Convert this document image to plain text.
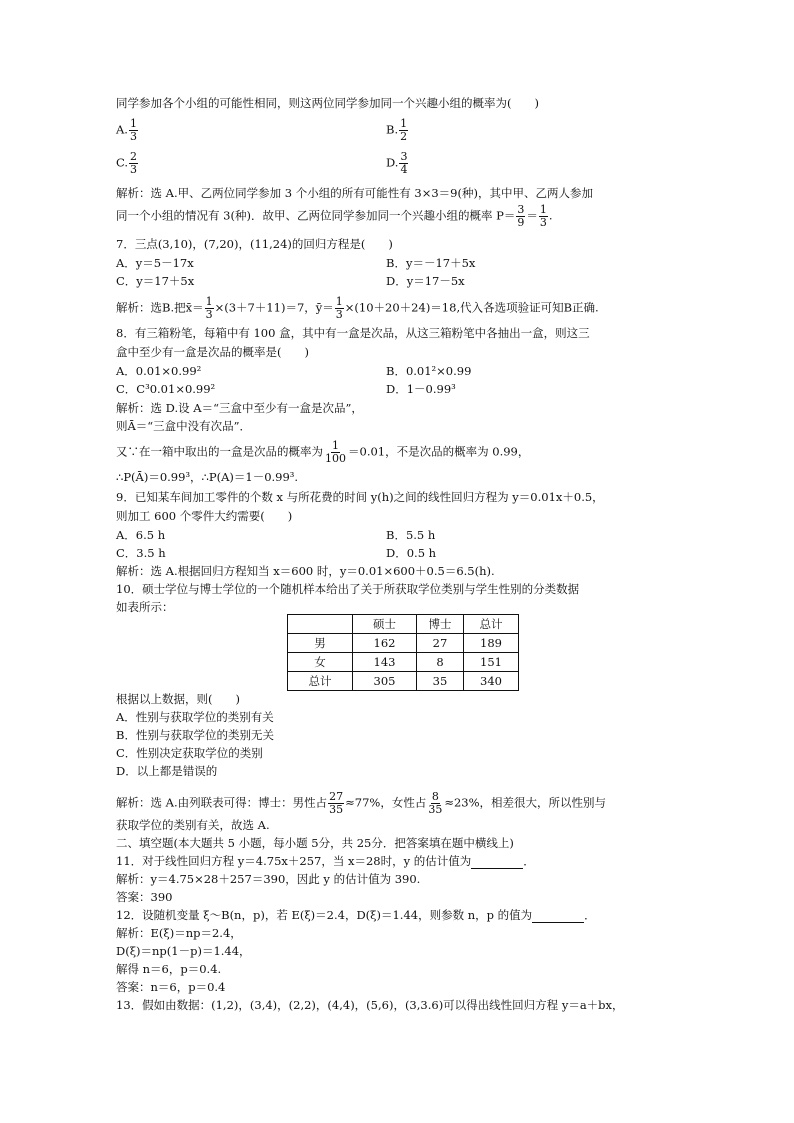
同学参加各个小组的可能性相同，则这两位同学参加同一个兴趣小组的概率为(　　)
A. $\frac{1}{3}$	B. $\frac{1}{2}$
C. $\frac{2}{3}$	D. $\frac{3}{4}$
解析：选 A.甲、乙两位同学参加 3 个小组的所有可能性有 3×3＝9(种)，其中甲、乙两人参加
同一个小组的情况有 3(种)．故甲、乙两位同学参加同一个兴趣小组的概率 $P= \frac{3}{9} = \frac{1}{3}$ .
7．三点(3,10)，(7,20)，(11,24)的回归方程是(　　)
A．y＝5－17x	B．y＝－17＋5x
C．y＝17＋5x	D．y＝17－5x
解析：选B.把x̄＝ $\frac{1}{3} \times(3+7+11)=7$，ȳ＝ $\frac{1}{3} \times(10+20+24)=18$,代入各选项验证可知B正确.
8．有三箱粉笔，每箱中有 100 盒，其中有一盒是次品，从这三箱粉笔中各抽出一盒，则这三
盒中至少有一盒是次品的概率是(　　)
A．0.01×0.99²	B．0.01²×0.99
C．C³0.01×0.99²	D．1－0.99³
解析：选 D.设 A＝“三盒中至少有一盒是次品”，
则Ā＝“三盒中没有次品”．
又∵在一箱中取出的一盒是次品的概率为 $\frac{1}{100} =0.01$，不是次品的概率为 0.99，
∴P(Ā)＝0.99³，∴P(A)＝1－0.99³.
9．已知某车间加工零件的个数 x 与所花费的时间 y(h)之间的线性回归方程为 y＝0.01x＋0.5，
则加工 600 个零件大约需要(　　)
A．6.5 h	B．5.5 h
C．3.5 h	D．0.5 h
解析：选 A.根据回归方程知当 x＝600 时，y＝0.01×600＋0.5＝6.5(h).
10．硕士学位与博士学位的一个随机样本给出了关于所获取学位类别与学生性别的分类数据
如表所示：
	硕士	博士	总计
男	162	27	189
女	143	8	151
总计	305	35	340
根据以上数据，则(　　)
A．性别与获取学位的类别有关
B．性别与获取学位的类别无关
C．性别决定获取学位的类别
D．以上都是错误的
解析：选 A.由列联表可得：博士：男性占 $\frac{27}{35} \approx 77\%$，女性占 $\frac{8}{35} \approx 23\%$，相差很大，所以性别与
获取学位的类别有关，故选 A.
二、填空题(本大题共 5 小题，每小题 5分，共 25分．把答案填在题中横线上)
11．对于线性回归方程 y＝4.75x＋257，当 x＝28时，y 的估计值为	．
解析：y＝4.75×28＋257＝390，因此 y 的估计值为 390.
答案：390
12．设随机变量 ξ～B(n，p)，若 E(ξ)＝2.4，D(ξ)＝1.44，则参数 n，p 的值为	．
解析：E(ξ)＝np＝2.4，
D(ξ)＝np(1－p)＝1.44，
解得 n＝6，p＝0.4.
答案：n＝6，p＝0.4
13．假如由数据：(1,2)，(3,4)，(2,2)，(4,4)，(5,6)，(3,3.6)可以得出线性回归方程 y＝a＋bx，
